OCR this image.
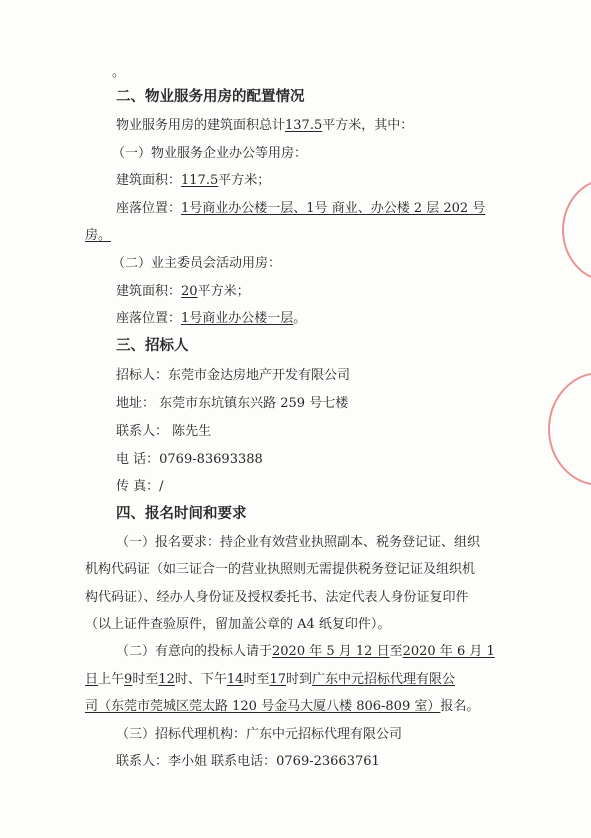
。
二、物业服务用房的配置情况
物业服务用房的建筑面积总计137.5平方米，其中：
（一）物业服务企业办公等用房：
建筑面积：117.5平方米；
座落位置：1号商业办公楼一层、1号 商业、办公楼 2 层 202 号
房。
（二）业主委员会活动用房：
建筑面积：20平方米；
座落位置：1号商业办公楼一层。
三、招标人
招标人：东莞市金达房地产开发有限公司
地址： 东莞市东坑镇东兴路 259 号七楼
联系人： 陈先生
电 话：0769-83693388
传 真：/
四、报名时间和要求
（一）报名要求：持企业有效营业执照副本、税务登记证、组织
机构代码证（如三证合一的营业执照则无需提供税务登记证及组织机
构代码证）、经办人身份证及授权委托书、法定代表人身份证复印件
（以上证件查验原件，留加盖公章的 A4 纸复印件）。
（二）有意向的投标人请于2020 年 5 月 12 日至2020 年 6 月 1
日上午9时至12时、下午14时至17时到广东中元招标代理有限公
司（东莞市莞城区莞太路 120 号金马大厦八楼 806-809 室）报名。
（三）招标代理机构：广东中元招标代理有限公司
联系人：李小姐 联系电话：0769-23663761
